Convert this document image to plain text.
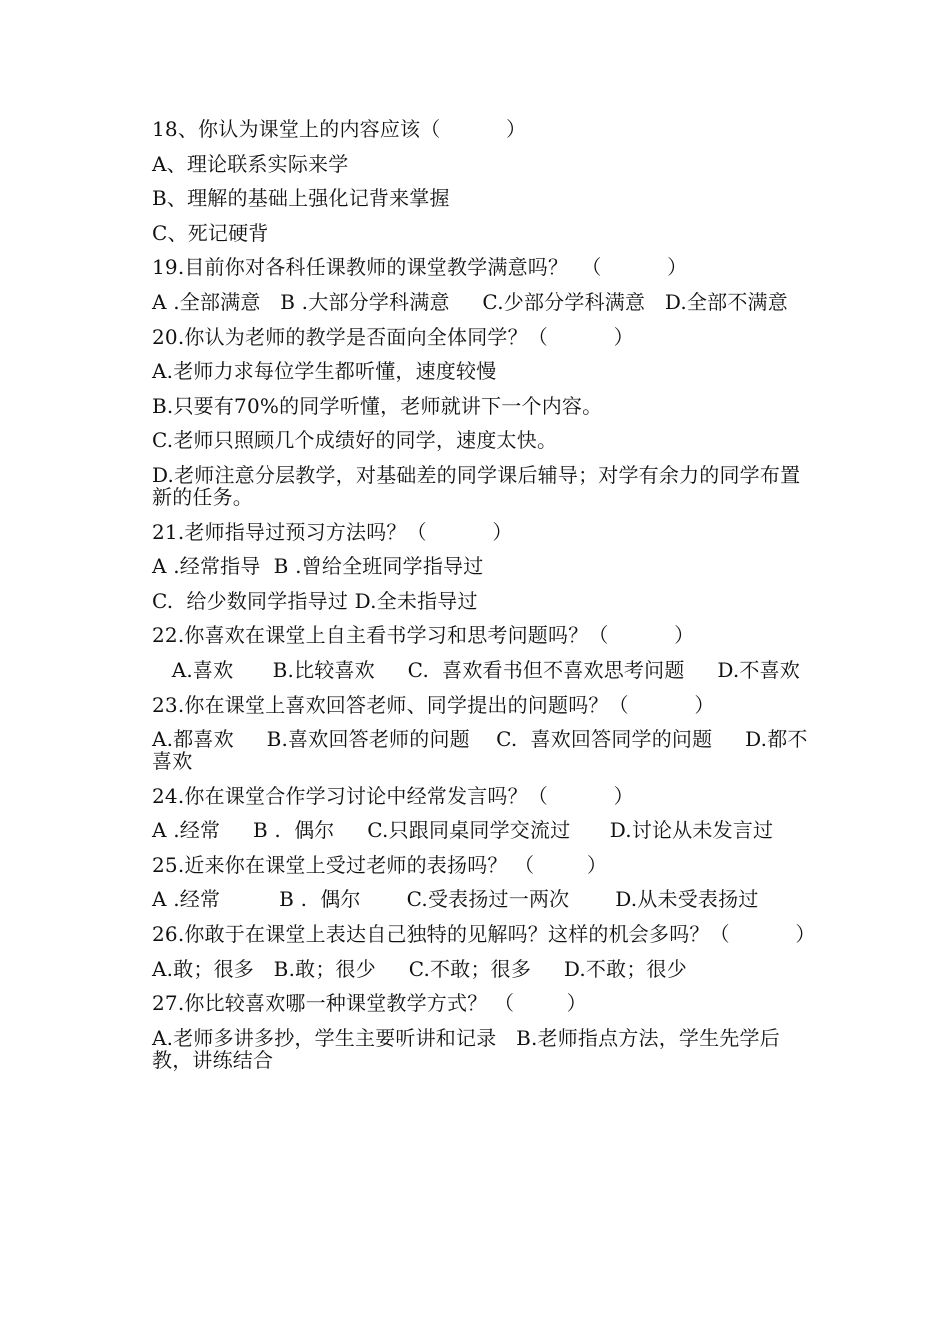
18、你认为课堂上的内容应该（          ）

A、理论联系实际来学

B、理解的基础上强化记背来掌握

C、死记硬背

19.目前你对各科任课教师的课堂教学满意吗？  （          ）

A .全部满意   B .大部分学科满意     C.少部分学科满意   D.全部不满意

20.你认为老师的教学是否面向全体同学？（          ）

A.老师力求每位学生都听懂，速度较慢

B.只要有70%的同学听懂，老师就讲下一个内容。

C.老师只照顾几个成绩好的同学，速度太快。

D.老师注意分层教学，对基础差的同学课后辅导；对学有余力的同学布置新的任务。

21.老师指导过预习方法吗？（          ）

A .经常指导  B .曾给全班同学指导过

C.  给少数同学指导过 D.全未指导过

22.你喜欢在课堂上自主看书学习和思考问题吗？（          ）

A.喜欢      B.比较喜欢     C.  喜欢看书但不喜欢思考问题     D.不喜欢

23.你在课堂上喜欢回答老师、同学提出的问题吗？（          ）

A.都喜欢     B.喜欢回答老师的问题    C.  喜欢回答同学的问题     D.都不喜欢

24.你在课堂合作学习讨论中经常发言吗？（          ）

A .经常     B .  偶尔     C.只跟同桌同学交流过      D.讨论从未发言过

25.近来你在课堂上受过老师的表扬吗？ （        ）

A .经常         B .  偶尔       C.受表扬过一两次       D.从未受表扬过

26.你敢于在课堂上表达自己独特的见解吗？这样的机会多吗？（          ）

A.敢；很多   B.敢；很少     C.不敢；很多     D.不敢；很少

27.你比较喜欢哪一种课堂教学方式？ （        ）

A.老师多讲多抄，学生主要听讲和记录   B.老师指点方法，学生先学后教，讲练结合
